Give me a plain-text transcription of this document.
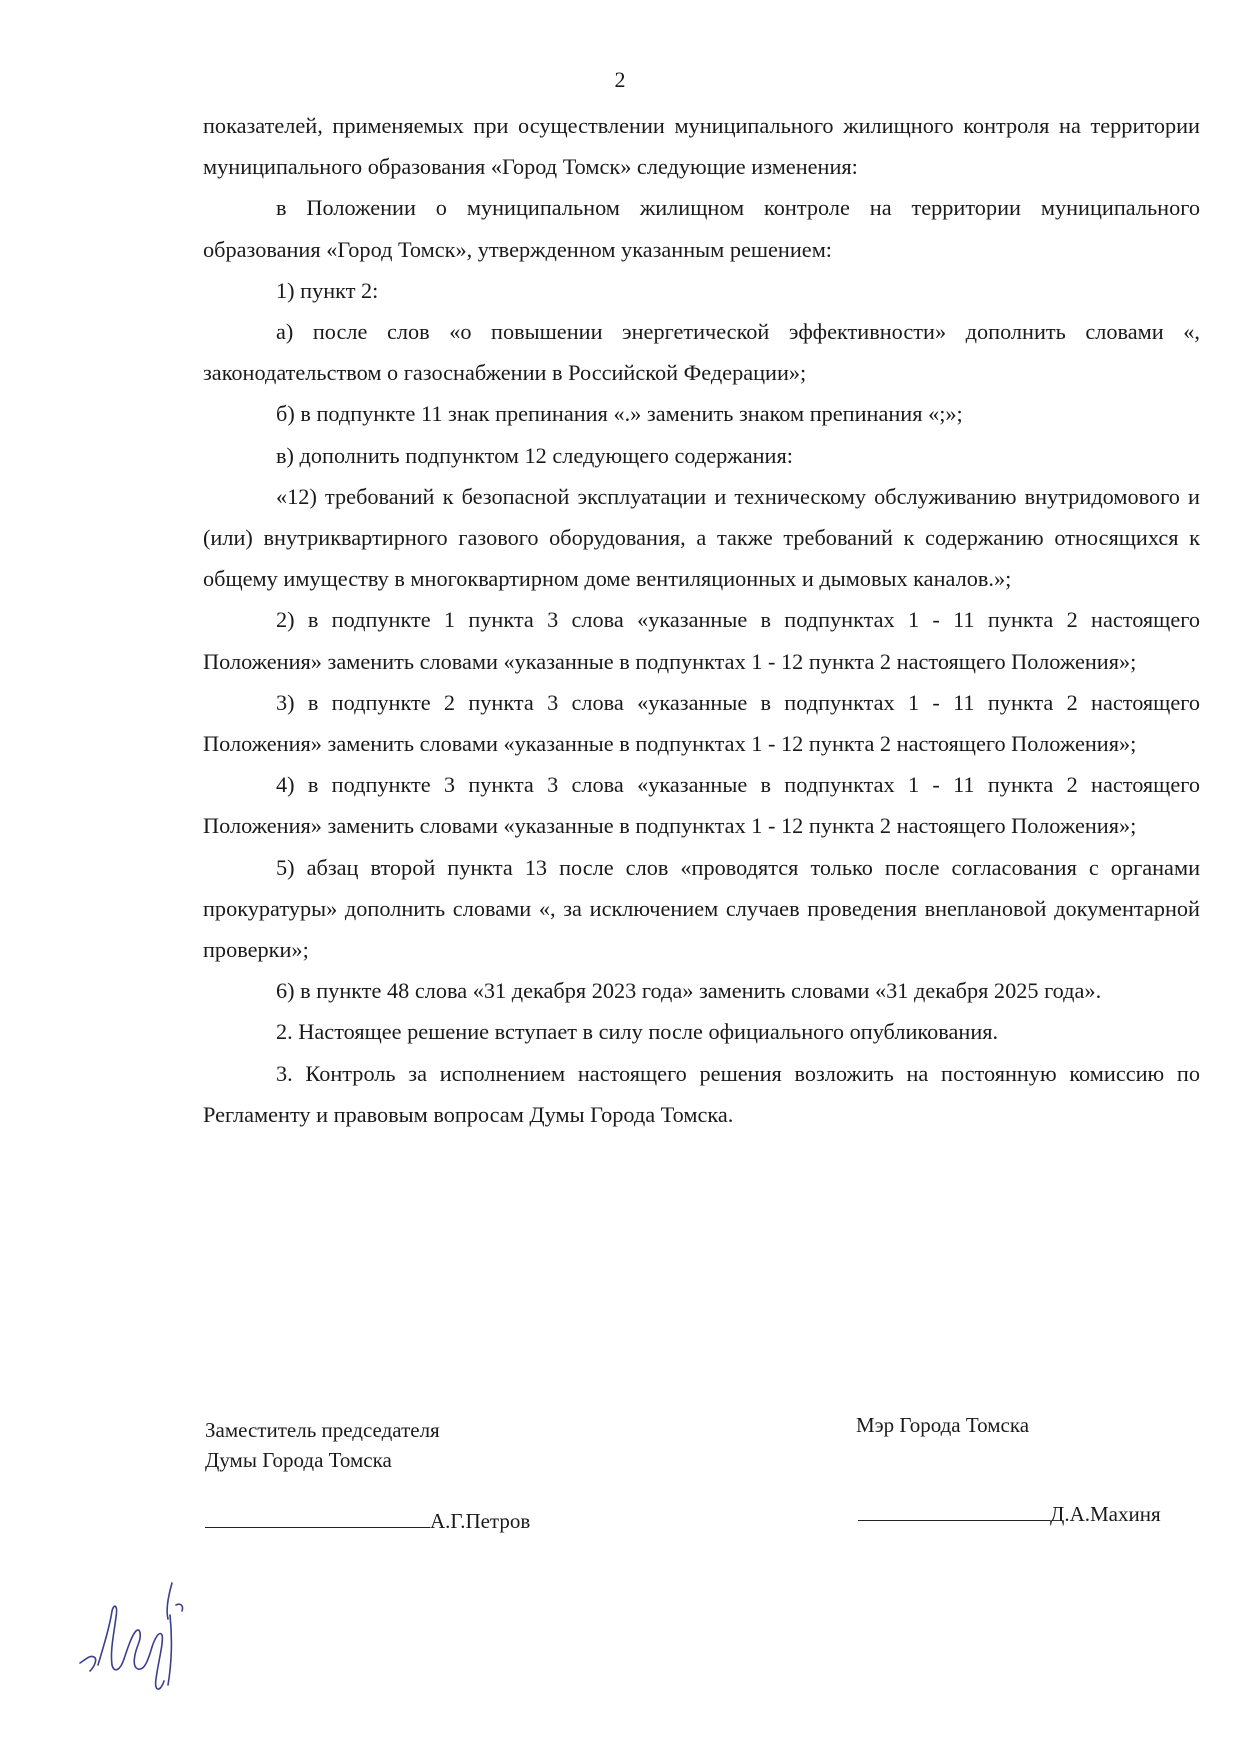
2

показателей, применяемых при осуществлении муниципального жилищного контроля на территории муниципального образования «Город Томск» следующие изменения:

в Положении о муниципальном жилищном контроле на территории муниципального образования «Город Томск», утвержденном указанным решением:

1) пункт 2:

а) после слов «о повышении энергетической эффективности» дополнить словами «, законодательством о газоснабжении в Российской Федерации»;

б) в подпункте 11 знак препинания «.» заменить знаком препинания «;»;

в) дополнить подпунктом 12 следующего содержания:

«12) требований к безопасной эксплуатации и техническому обслуживанию внутридомового и (или) внутриквартирного газового оборудования, а также требований к содержанию относящихся к общему имуществу в многоквартирном доме вентиляционных и дымовых каналов.»;

2) в подпункте 1 пункта 3 слова «указанные в подпунктах 1 - 11 пункта 2 настоящего Положения» заменить словами «указанные в подпунктах 1 - 12 пункта 2 настоящего Положения»;

3) в подпункте 2 пункта 3 слова «указанные в подпунктах 1 - 11 пункта 2 настоящего Положения» заменить словами «указанные в подпунктах 1 - 12 пункта 2 настоящего Положения»;

4) в подпункте 3 пункта 3 слова «указанные в подпунктах 1 - 11 пункта 2 настоящего Положения» заменить словами «указанные в подпунктах 1 - 12 пункта 2 настоящего Положения»;

5) абзац второй пункта 13 после слов «проводятся только после согласования с органами прокуратуры» дополнить словами «, за исключением случаев проведения внеплановой документарной проверки»;

6) в пункте 48 слова «31 декабря 2023 года» заменить словами «31 декабря 2025 года».

2. Настоящее решение вступает в силу после официального опубликования.

3. Контроль за исполнением настоящего решения возложить на постоянную комиссию по Регламенту и правовым вопросам Думы Города Томска.

Заместитель председателя
Думы Города Томска
Мэр Города Томска
А.Г.Петров	Д.А.Махиня
